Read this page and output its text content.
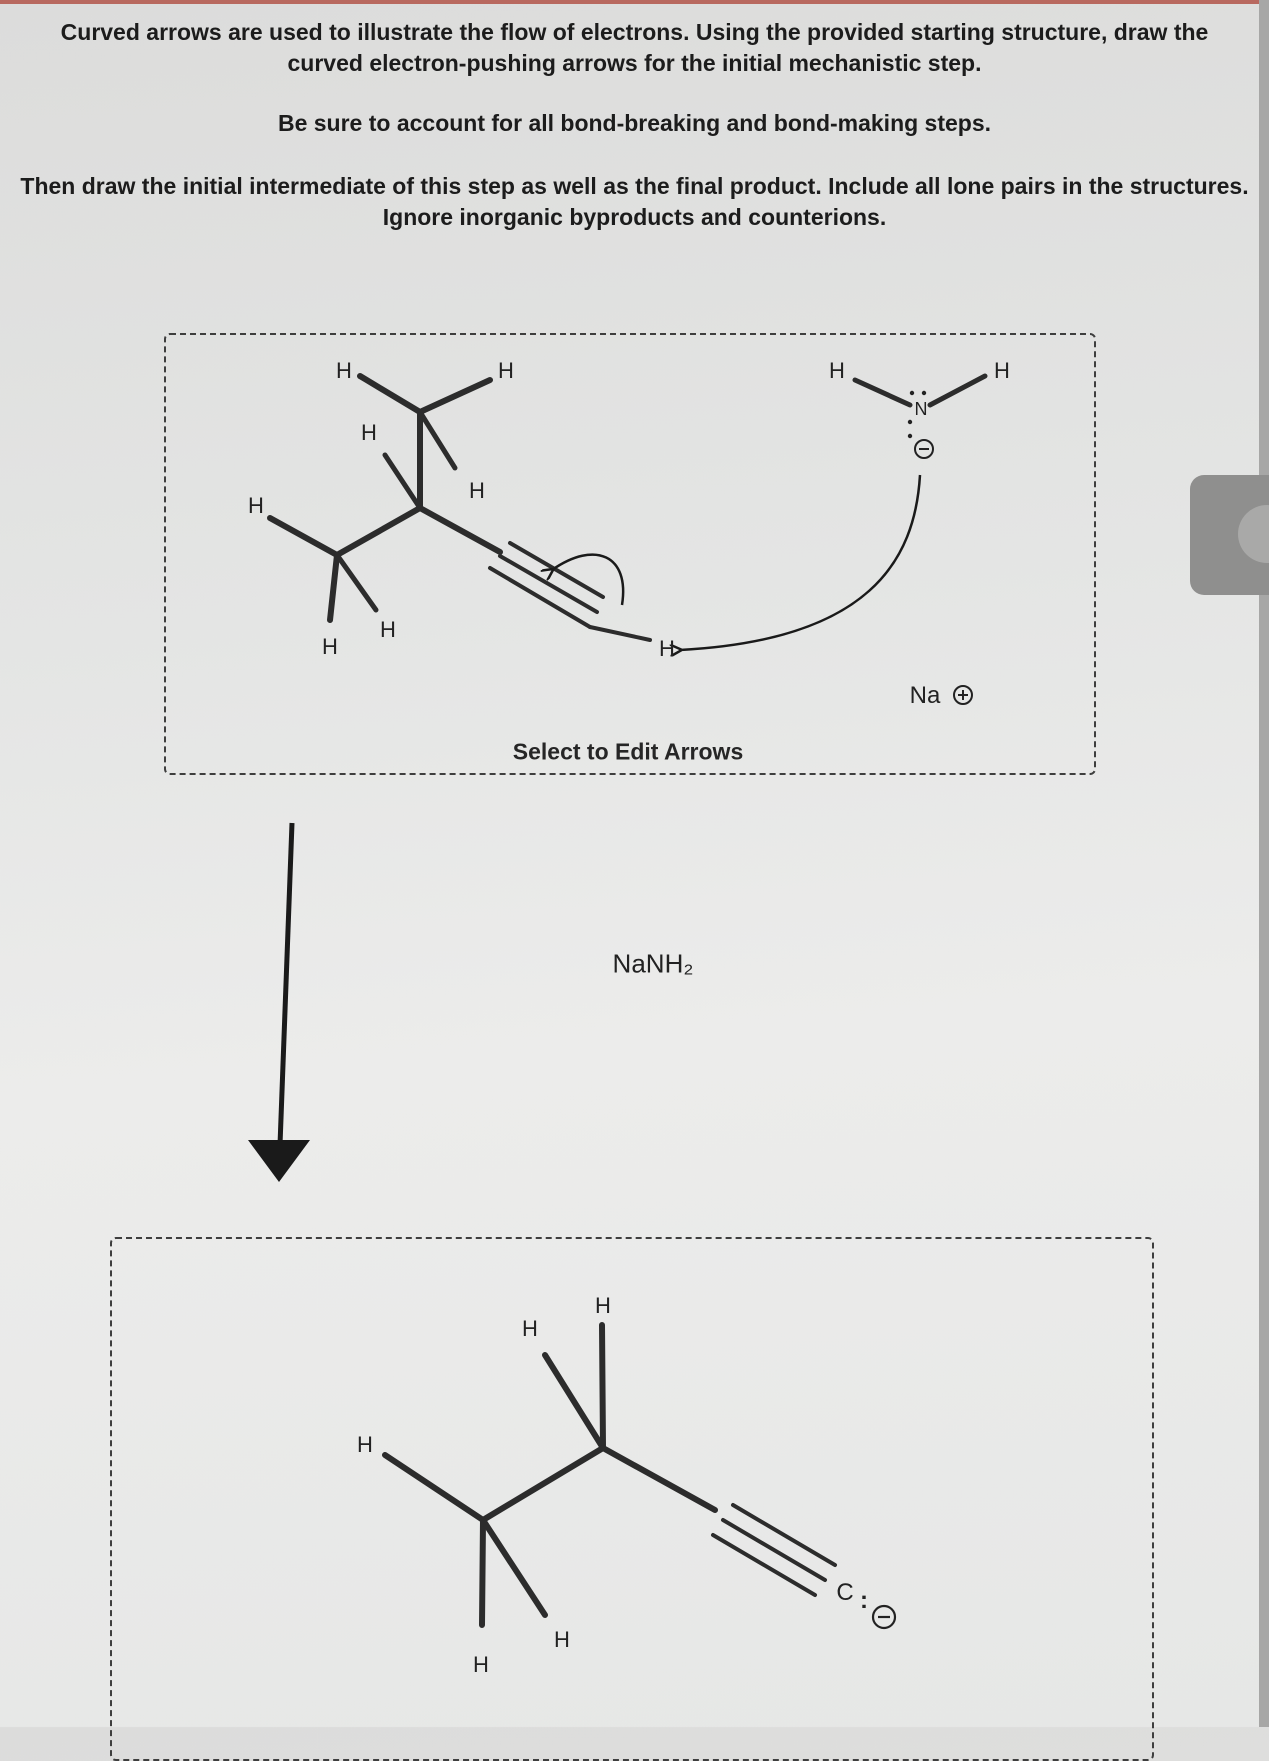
Curved arrows are used to illustrate the flow of electrons. Using the provided starting structure, draw the curved electron-pushing arrows for the initial mechanistic step.

Be sure to account for all bond-breaking and bond-making steps.

Then draw the initial intermediate of this step as well as the final product. Include all lone pairs in the structures. Ignore inorganic byproducts and counterions.

H	H
H
H
H
H
H
H
H	H
N
Na
Select to Edit Arrows
NaNH₂
H
H
H
H
H
C :
